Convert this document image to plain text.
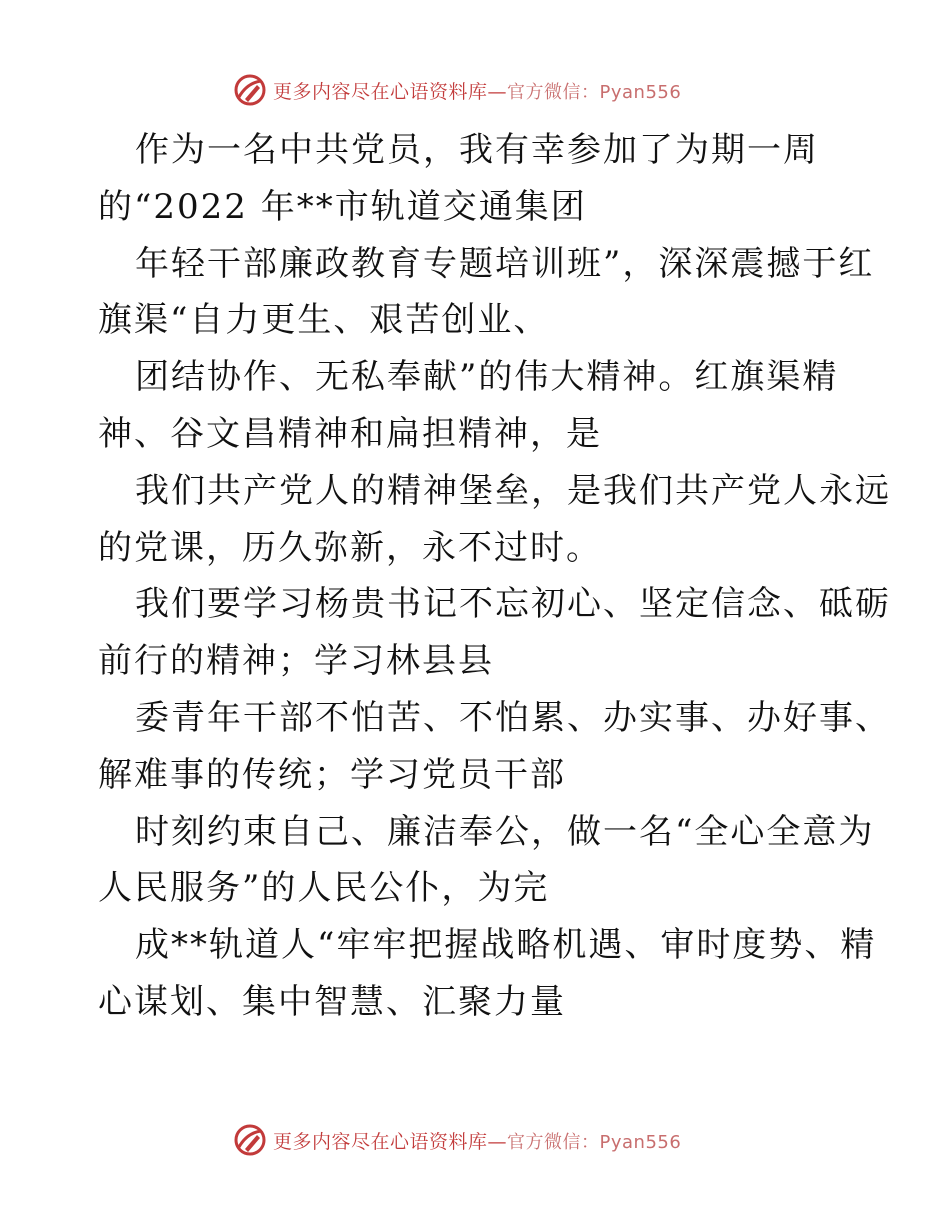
更多内容尽在心语资料库—官方微信：Pyan556
作为一名中共党员，我有幸参加了为期一周
的“2022 年**市轨道交通集团
年轻干部廉政教育专题培训班”，深深震撼于红
旗渠“自力更生、艰苦创业、
团结协作、无私奉献”的伟大精神。红旗渠精
神、谷文昌精神和扁担精神，是
我们共产党人的精神堡垒，是我们共产党人永远
的党课，历久弥新，永不过时。
我们要学习杨贵书记不忘初心、坚定信念、砥砺
前行的精神；学习林县县
委青年干部不怕苦、不怕累、办实事、办好事、
解难事的传统；学习党员干部
时刻约束自己、廉洁奉公，做一名“全心全意为
人民服务”的人民公仆，为完
成**轨道人“牢牢把握战略机遇、审时度势、精
心谋划、集中智慧、汇聚力量
更多内容尽在心语资料库—官方微信：Pyan556
